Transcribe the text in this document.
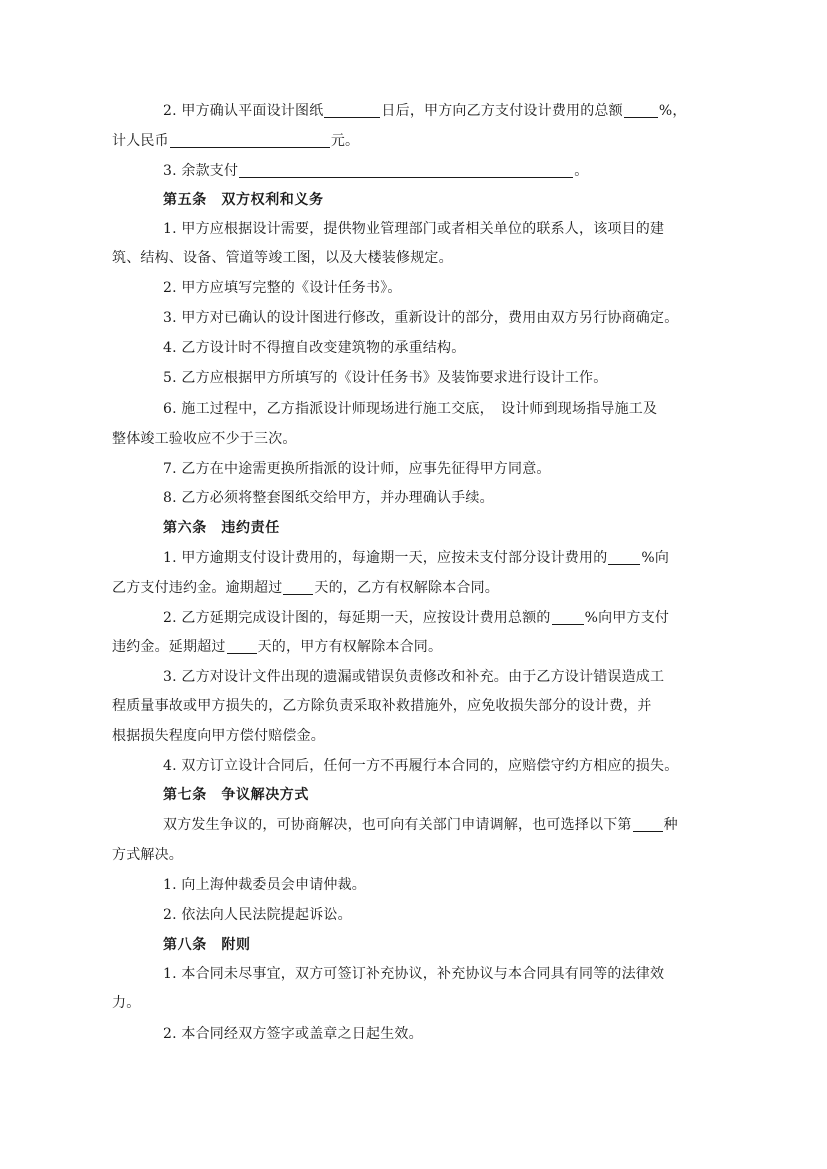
2. 甲方确认平面设计图纸	日后，甲方向乙方支付设计费用的总额	%，
计人民币	元。
3. 余款支付	。
第五条　双方权利和义务
1. 甲方应根据设计需要，提供物业管理部门或者相关单位的联系人，该项目的建
筑、结构、设备、管道等竣工图，以及大楼装修规定。
2. 甲方应填写完整的《设计任务书》。
3. 甲方对已确认的设计图进行修改，重新设计的部分，费用由双方另行协商确定。
4. 乙方设计时不得擅自改变建筑物的承重结构。
5. 乙方应根据甲方所填写的《设计任务书》及装饰要求进行设计工作。
6. 施工过程中，乙方指派设计师现场进行施工交底，　设计师到现场指导施工及
整体竣工验收应不少于三次。
7. 乙方在中途需更换所指派的设计师，应事先征得甲方同意。
8. 乙方必须将整套图纸交给甲方，并办理确认手续。
第六条　违约责任
1. 甲方逾期支付设计费用的，每逾期一天，应按未支付部分设计费用的 %向
乙方支付违约金。逾期超过 天的，乙方有权解除本合同。
2. 乙方延期完成设计图的，每延期一天，应按设计费用总额的 %向甲方支付
违约金。延期超过 天的，甲方有权解除本合同。
3. 乙方对设计文件出现的遗漏或错误负责修改和补充。由于乙方设计错误造成工
程质量事故或甲方损失的，乙方除负责采取补救措施外，应免收损失部分的设计费，并
根据损失程度向甲方偿付赔偿金。
4. 双方订立设计合同后，任何一方不再履行本合同的，应赔偿守约方相应的损失。
第七条　争议解决方式
双方发生争议的，可协商解决，也可向有关部门申请调解，也可选择以下第 种
方式解决。
1. 向上海仲裁委员会申请仲裁。
2. 依法向人民法院提起诉讼。
第八条　附则
1. 本合同未尽事宜，双方可签订补充协议，补充协议与本合同具有同等的法律效
力。
2. 本合同经双方签字或盖章之日起生效。
